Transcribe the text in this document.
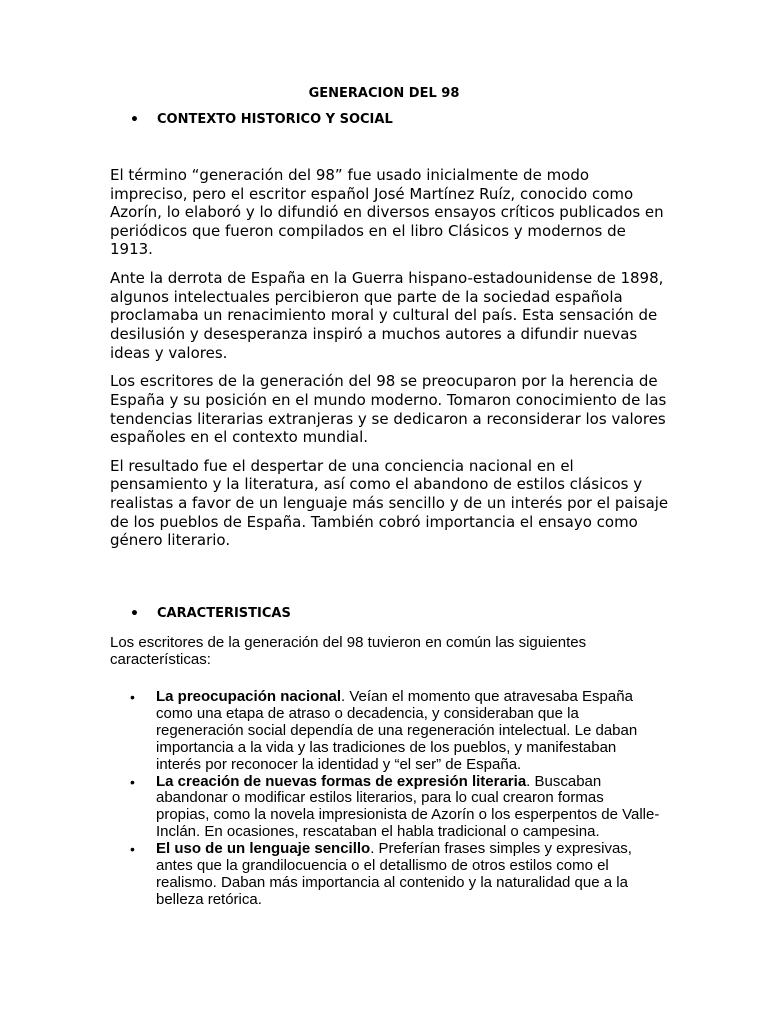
GENERACION DEL 98
• CONTEXTO HISTORICO Y SOCIAL

El término “generación del 98” fue usado inicialmente de modo impreciso, pero el escritor español José Martínez Ruíz, conocido como Azorín, lo elaboró y lo difundió en diversos ensayos críticos publicados en periódicos que fueron compilados en el libro Clásicos y modernos de 1913.

Ante la derrota de España en la Guerra hispano-estadounidense de 1898, algunos intelectuales percibieron que parte de la sociedad española proclamaba un renacimiento moral y cultural del país. Esta sensación de desilusión y desesperanza inspiró a muchos autores a difundir nuevas ideas y valores.

Los escritores de la generación del 98 se preocuparon por la herencia de España y su posición en el mundo moderno. Tomaron conocimiento de las tendencias literarias extranjeras y se dedicaron a reconsiderar los valores españoles en el contexto mundial.

El resultado fue el despertar de una conciencia nacional en el pensamiento y la literatura, así como el abandono de estilos clásicos y realistas a favor de un lenguaje más sencillo y de un interés por el paisaje de los pueblos de España. También cobró importancia el ensayo como género literario.

• CARACTERISTICAS

Los escritores de la generación del 98 tuvieron en común las siguientes características:

• La preocupación nacional. Veían el momento que atravesaba España como una etapa de atraso o decadencia, y consideraban que la regeneración social dependía de una regeneración intelectual. Le daban importancia a la vida y las tradiciones de los pueblos, y manifestaban interés por reconocer la identidad y “el ser” de España.
• La creación de nuevas formas de expresión literaria. Buscaban abandonar o modificar estilos literarios, para lo cual crearon formas propias, como la novela impresionista de Azorín o los esperpentos de Valle-Inclán. En ocasiones, rescataban el habla tradicional o campesina.
• El uso de un lenguaje sencillo. Preferían frases simples y expresivas, antes que la grandilocuencia o el detallismo de otros estilos como el realismo. Daban más importancia al contenido y la naturalidad que a la belleza retórica.
